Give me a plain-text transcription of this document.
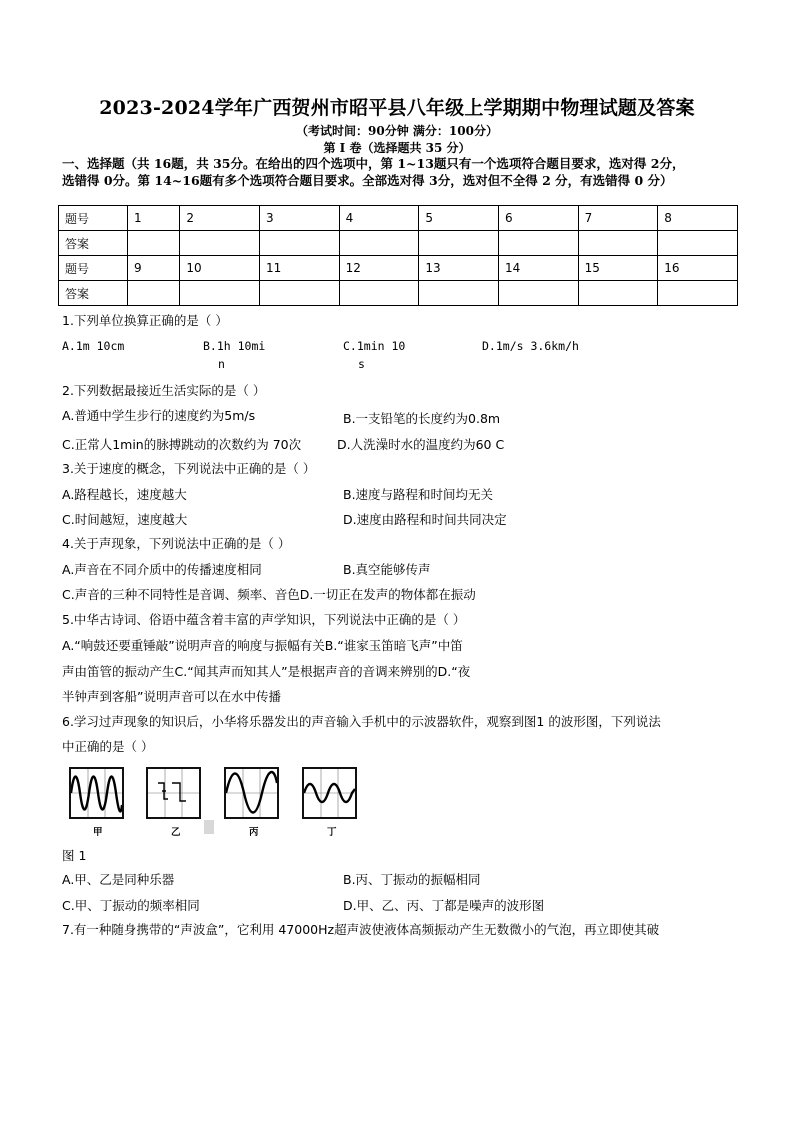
2023-2024学年广西贺州市昭平县八年级上学期期中物理试题及答案
（考试时间：90分钟 满分：100分）
第 I 卷（选择题共 35 分）
一、选择题（共 16题，共 35分。在给出的四个选项中，第 1~13题只有一个选项符合题目要求，选对得 2分，
选错得 0分。第 14~16题有多个选项符合题目要求。全部选对得 3分，选对但不全得 2 分，有选错得 0 分）
题号	1	2	3	4	5	6	7	8
答案								
题号	9	10	11	12	13	14	15	16
答案								
1.下列单位换算正确的是（ ）
A.1m 10cm	B.1h 10mi
n
C.1min 10
s
D.1m/s 3.6km/h
2.下列数据最接近生活实际的是（ ）
A.普通中学生步行的速度约为5m/s	B.一支铅笔的长度约为0.8m
C.正常人1min的脉搏跳动的次数约为 70次	D.人洗澡时水的温度约为60 C
3.关于速度的概念，下列说法中正确的是（ ）
A.路程越长，速度越大	B.速度与路程和时间均无关
C.时间越短，速度越大	D.速度由路程和时间共同决定
4.关于声现象，下列说法中正确的是（ ）
A.声音在不同介质中的传播速度相同	B.真空能够传声
C.声音的三种不同特性是音调、频率、音色D.一切正在发声的物体都在振动
5.中华古诗词、俗语中蕴含着丰富的声学知识，下列说法中正确的是（ ）
A.“响鼓还要重锤敲”说明声音的响度与振幅有关B.“谁家玉笛暗飞声”中笛
声由笛管的振动产生C.“闻其声而知其人”是根据声音的音调来辨别的D.“夜
半钟声到客船”说明声音可以在水中传播
6.学习过声现象的知识后，小华将乐器发出的声音输入手机中的示波器软件，观察到图1 的波形图，下列说法
中正确的是（ ）
甲	乙	丙	丁
图 1
A.甲、乙是同种乐器	B.丙、丁振动的振幅相同
C.甲、丁振动的频率相同	D.甲、乙、丙、丁都是噪声的波形图
7.有一种随身携带的“声波盒”，它利用 47000Hz超声波使液体高频振动产生无数微小的气泡，再立即使其破
